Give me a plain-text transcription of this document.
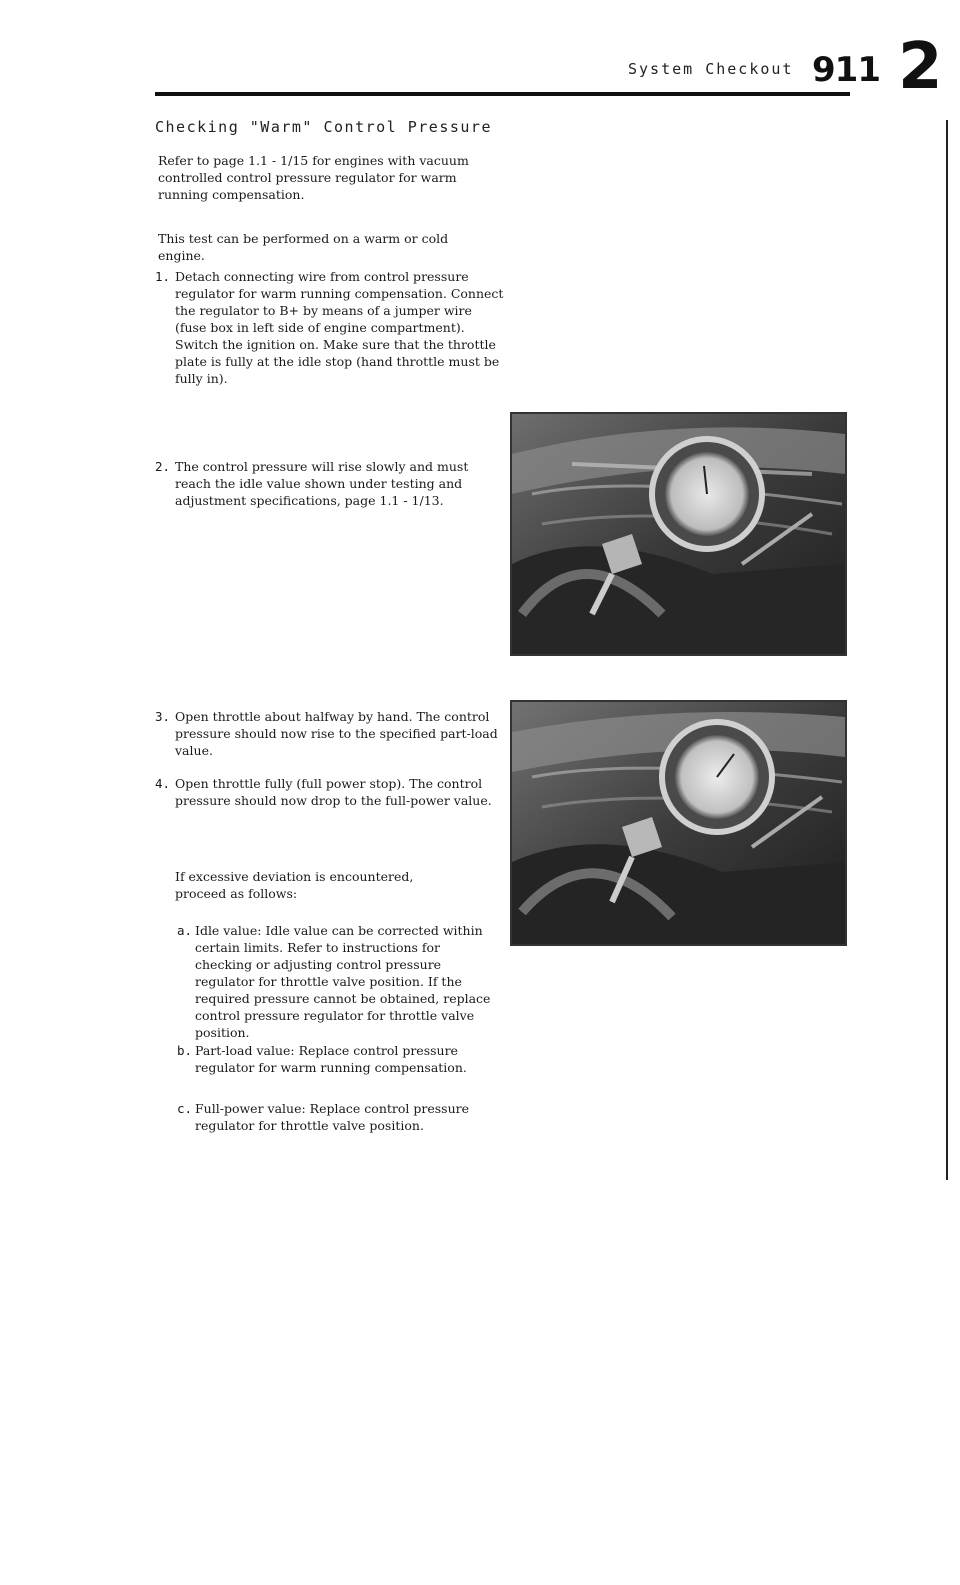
System Checkout 911 2
Checking "Warm" Control Pressure
Refer to page 1.1 - 1/15 for engines with vacuum controlled control pressure regulator for warm running compensation.
This test can be performed on a warm or cold engine.
1. Detach connecting wire from control pressure regulator for warm running compensation. Connect the regulator to B+ by means of a jumper wire (fuse box in left side of engine compartment). Switch the ignition on. Make sure that the throttle plate is fully at the idle stop (hand throttle must be fully in).
2. The control pressure will rise slowly and must reach the idle value shown under testing and adjustment specifications, page 1.1 - 1/13.
3. Open throttle about halfway by hand. The control pressure should now rise to the specified part-load value.
4. Open throttle fully (full power stop). The control pressure should now drop to the full-power value.
If excessive deviation is encountered, proceed as follows:
a. Idle value: Idle value can be corrected within certain limits. Refer to instructions for checking or adjusting control pressure regulator for throttle valve position. If the required pressure cannot be obtained, replace control pressure regulator for throttle valve position.
b. Part-load value: Replace control pressure regulator for warm running compensation.
c. Full-power value: Replace control pressure regulator for throttle valve position.
